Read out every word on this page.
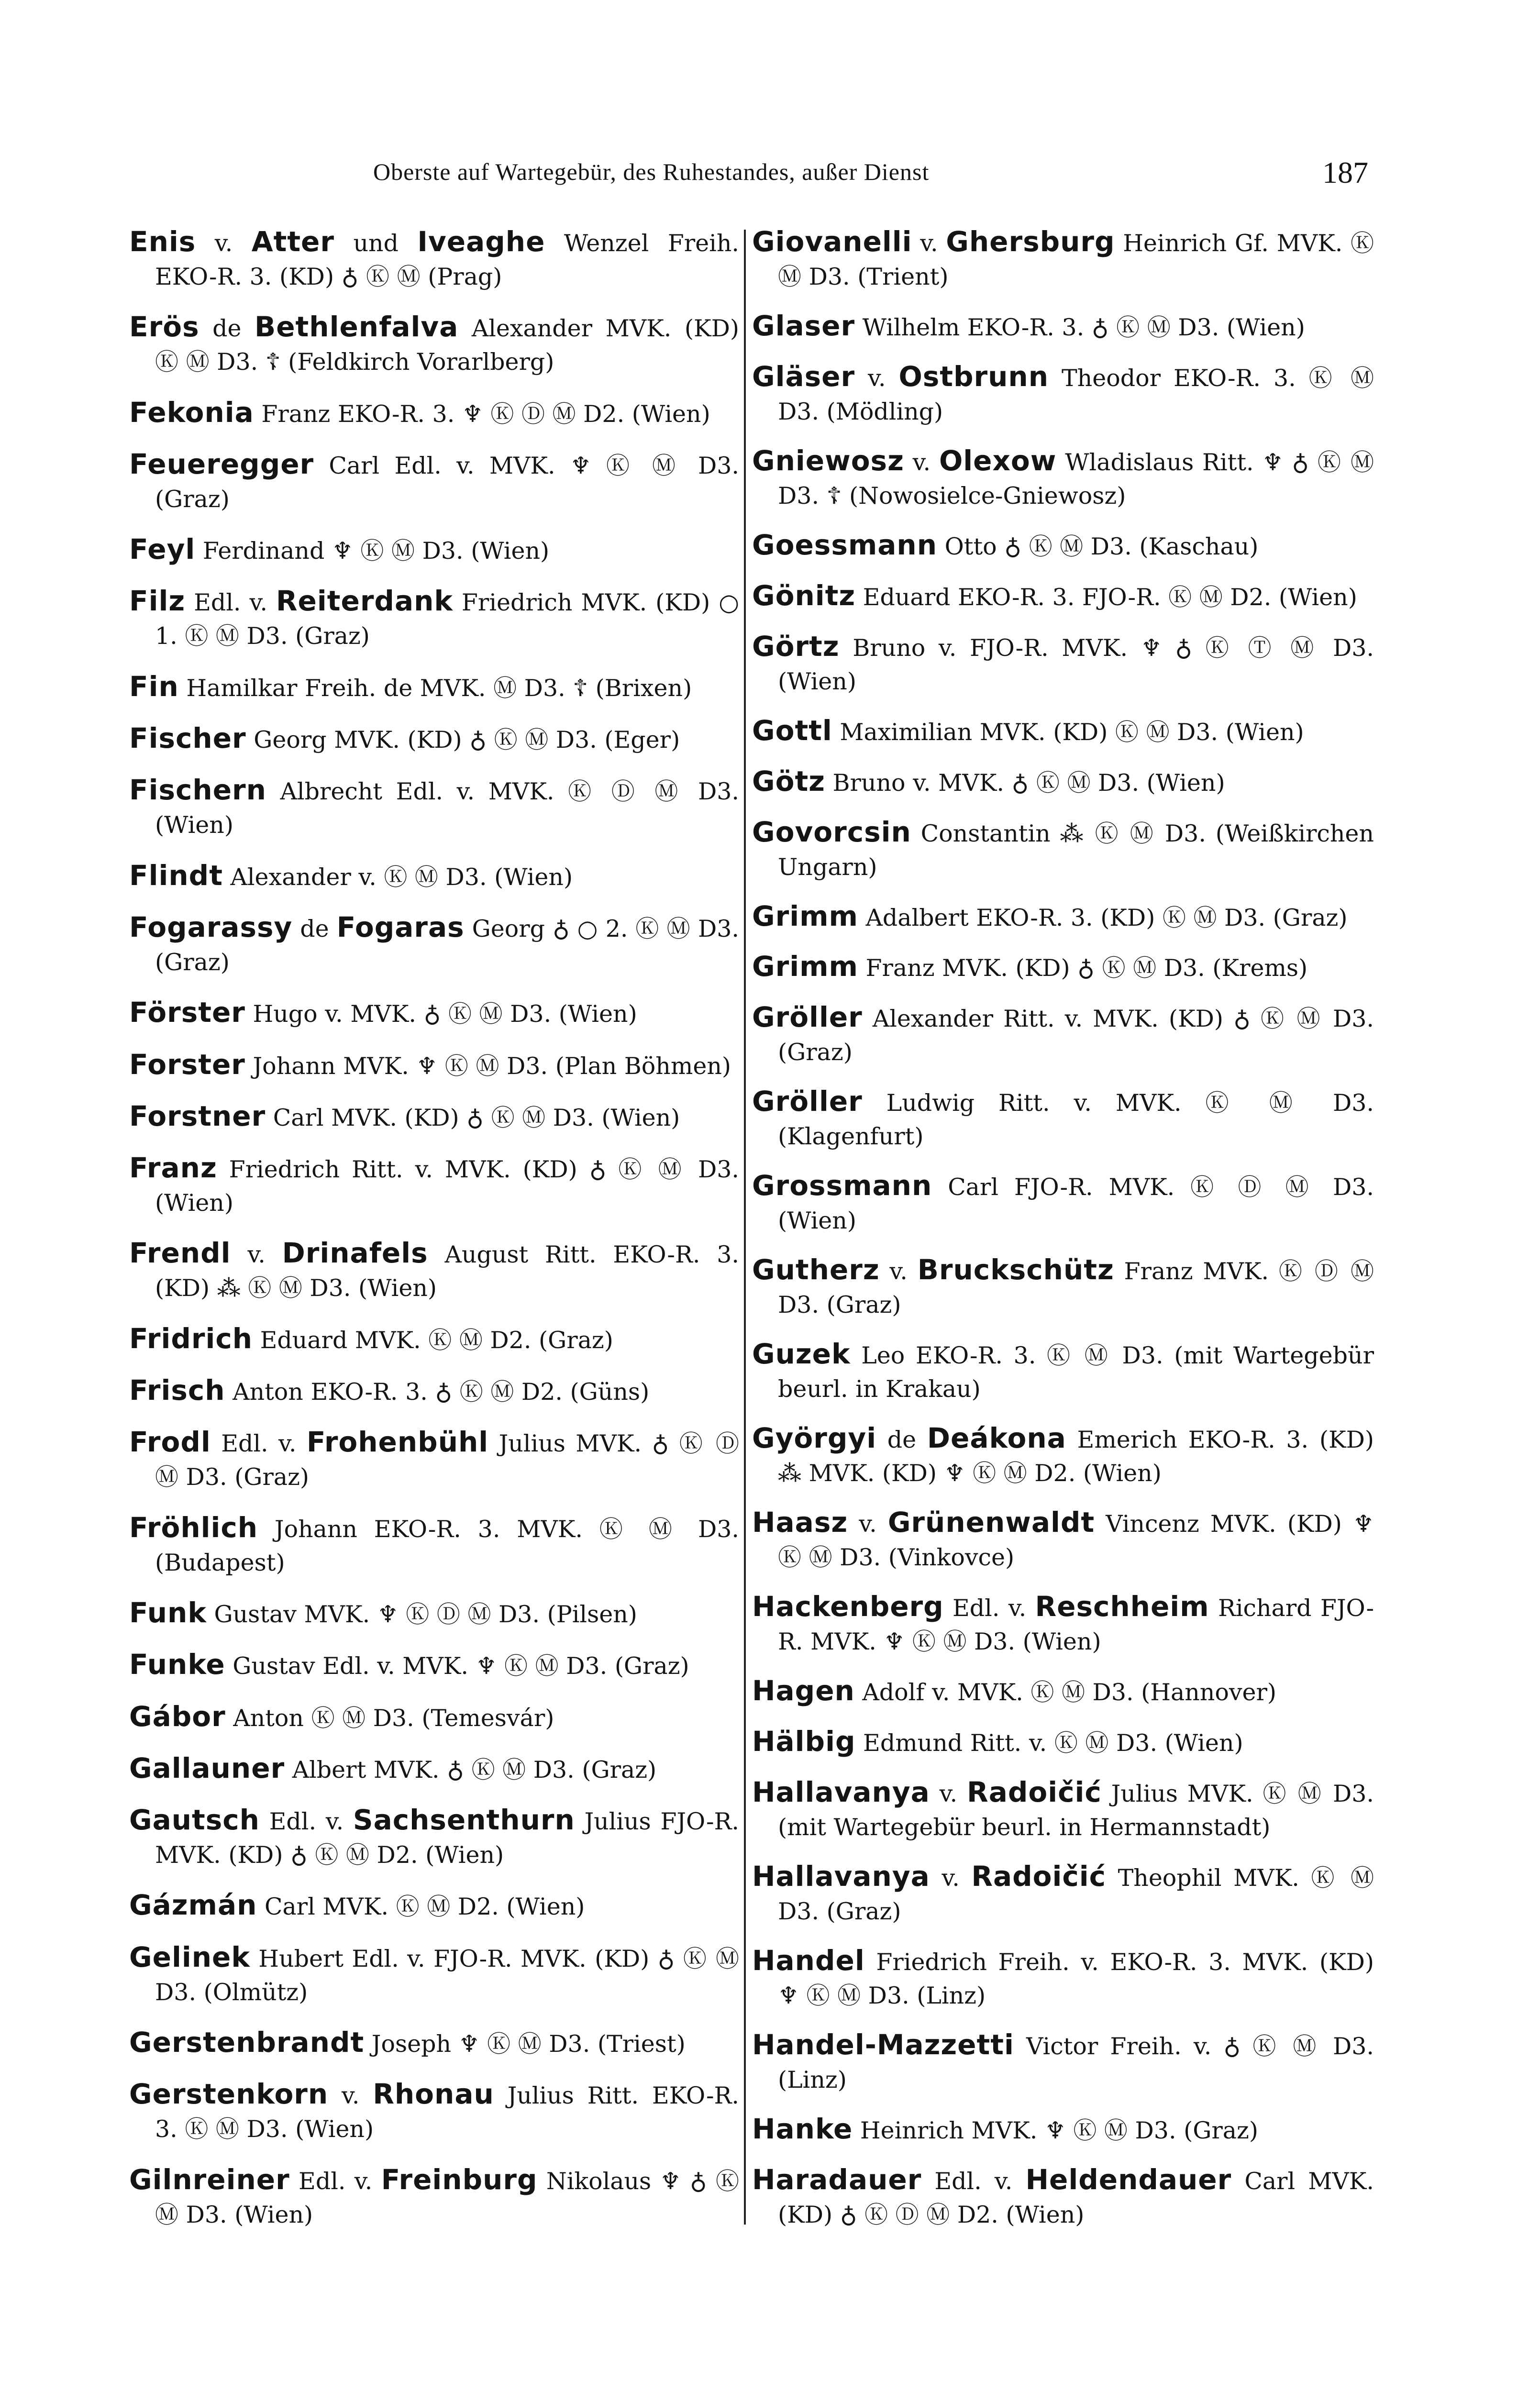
Oberste auf Wartegebür, des Ruhestandes, außer Dienst	187
Enis v. Atter und Iveaghe Wenzel Freih. EKO-R. 3. (KD) ♁ Ⓚ Ⓜ (Prag)
Erös de Bethlenfalva Alexander MVK. (KD) Ⓚ Ⓜ D3. ☦ (Feldkirch Vorarlberg)
Fekonia Franz EKO-R. 3. ♆ Ⓚ Ⓓ Ⓜ D2. (Wien)
Feueregger Carl Edl. v. MVK. ♆ Ⓚ Ⓜ D3. (Graz)
Feyl Ferdinand ♆ Ⓚ Ⓜ D3. (Wien)
Filz Edl. v. Reiterdank Friedrich MVK. (KD) ○ 1. Ⓚ Ⓜ D3. (Graz)
Fin Hamilkar Freih. de MVK. Ⓜ D3. ☦ (Brixen)
Fischer Georg MVK. (KD) ♁ Ⓚ Ⓜ D3. (Eger)
Fischern Albrecht Edl. v. MVK. Ⓚ Ⓓ Ⓜ D3. (Wien)
Flindt Alexander v. Ⓚ Ⓜ D3. (Wien)
Fogarassy de Fogaras Georg ♁ ○ 2. Ⓚ Ⓜ D3. (Graz)
Förster Hugo v. MVK. ♁ Ⓚ Ⓜ D3. (Wien)
Forster Johann MVK. ♆ Ⓚ Ⓜ D3. (Plan Böhmen)
Forstner Carl MVK. (KD) ♁ Ⓚ Ⓜ D3. (Wien)
Franz Friedrich Ritt. v. MVK. (KD) ♁ Ⓚ Ⓜ D3. (Wien)
Frendl v. Drinafels August Ritt. EKO-R. 3. (KD) ⁂ Ⓚ Ⓜ D3. (Wien)
Fridrich Eduard MVK. Ⓚ Ⓜ D2. (Graz)
Frisch Anton EKO-R. 3. ♁ Ⓚ Ⓜ D2. (Güns)
Frodl Edl. v. Frohenbühl Julius MVK. ♁ Ⓚ Ⓓ Ⓜ D3. (Graz)
Fröhlich Johann EKO-R. 3. MVK. Ⓚ Ⓜ D3. (Budapest)
Funk Gustav MVK. ♆ Ⓚ Ⓓ Ⓜ D3. (Pilsen)
Funke Gustav Edl. v. MVK. ♆ Ⓚ Ⓜ D3. (Graz)
Gábor Anton Ⓚ Ⓜ D3. (Temesvár)
Gallauner Albert MVK. ♁ Ⓚ Ⓜ D3. (Graz)
Gautsch Edl. v. Sachsenthurn Julius FJO-R. MVK. (KD) ♁ Ⓚ Ⓜ D2. (Wien)
Gázmán Carl MVK. Ⓚ Ⓜ D2. (Wien)
Gelinek Hubert Edl. v. FJO-R. MVK. (KD) ♁ Ⓚ Ⓜ D3. (Olmütz)
Gerstenbrandt Joseph ♆ Ⓚ Ⓜ D3. (Triest)
Gerstenkorn v. Rhonau Julius Ritt. EKO-R. 3. Ⓚ Ⓜ D3. (Wien)
Gilnreiner Edl. v. Freinburg Nikolaus ♆ ♁ Ⓚ Ⓜ D3. (Wien)
Giovanelli v. Ghersburg Heinrich Gf. MVK. Ⓚ Ⓜ D3. (Trient)
Glaser Wilhelm EKO-R. 3. ♁ Ⓚ Ⓜ D3. (Wien)
Gläser v. Ostbrunn Theodor EKO-R. 3. Ⓚ Ⓜ D3. (Mödling)
Gniewosz v. Olexow Wladislaus Ritt. ♆ ♁ Ⓚ Ⓜ D3. ☦ (Nowosielce-Gniewosz)
Goessmann Otto ♁ Ⓚ Ⓜ D3. (Kaschau)
Gönitz Eduard EKO-R. 3. FJO-R. Ⓚ Ⓜ D2. (Wien)
Görtz Bruno v. FJO-R. MVK. ♆ ♁ Ⓚ Ⓣ Ⓜ D3. (Wien)
Gottl Maximilian MVK. (KD) Ⓚ Ⓜ D3. (Wien)
Götz Bruno v. MVK. ♁ Ⓚ Ⓜ D3. (Wien)
Govorcsin Constantin ⁂ Ⓚ Ⓜ D3. (Weißkirchen Ungarn)
Grimm Adalbert EKO-R. 3. (KD) Ⓚ Ⓜ D3. (Graz)
Grimm Franz MVK. (KD) ♁ Ⓚ Ⓜ D3. (Krems)
Gröller Alexander Ritt. v. MVK. (KD) ♁ Ⓚ Ⓜ D3. (Graz)
Gröller Ludwig Ritt. v. MVK. Ⓚ Ⓜ D3. (Klagenfurt)
Grossmann Carl FJO-R. MVK. Ⓚ Ⓓ Ⓜ D3. (Wien)
Gutherz v. Bruckschütz Franz MVK. Ⓚ Ⓓ Ⓜ D3. (Graz)
Guzek Leo EKO-R. 3. Ⓚ Ⓜ D3. (mit Wartegebür beurl. in Krakau)
Györgyi de Deákona Emerich EKO-R. 3. (KD) ⁂ MVK. (KD) ♆ Ⓚ Ⓜ D2. (Wien)
Haasz v. Grünenwaldt Vincenz MVK. (KD) ♆ Ⓚ Ⓜ D3. (Vinkovce)
Hackenberg Edl. v. Reschheim Richard FJO-R. MVK. ♆ Ⓚ Ⓜ D3. (Wien)
Hagen Adolf v. MVK. Ⓚ Ⓜ D3. (Hannover)
Hälbig Edmund Ritt. v. Ⓚ Ⓜ D3. (Wien)
Hallavanya v. Radoičić Julius MVK. Ⓚ Ⓜ D3. (mit Wartegebür beurl. in Hermannstadt)
Hallavanya v. Radoičić Theophil MVK. Ⓚ Ⓜ D3. (Graz)
Handel Friedrich Freih. v. EKO-R. 3. MVK. (KD) ♆ Ⓚ Ⓜ D3. (Linz)
Handel-Mazzetti Victor Freih. v. ♁ Ⓚ Ⓜ D3. (Linz)
Hanke Heinrich MVK. ♆ Ⓚ Ⓜ D3. (Graz)
Haradauer Edl. v. Heldendauer Carl MVK. (KD) ♁ Ⓚ Ⓓ Ⓜ D2. (Wien)
